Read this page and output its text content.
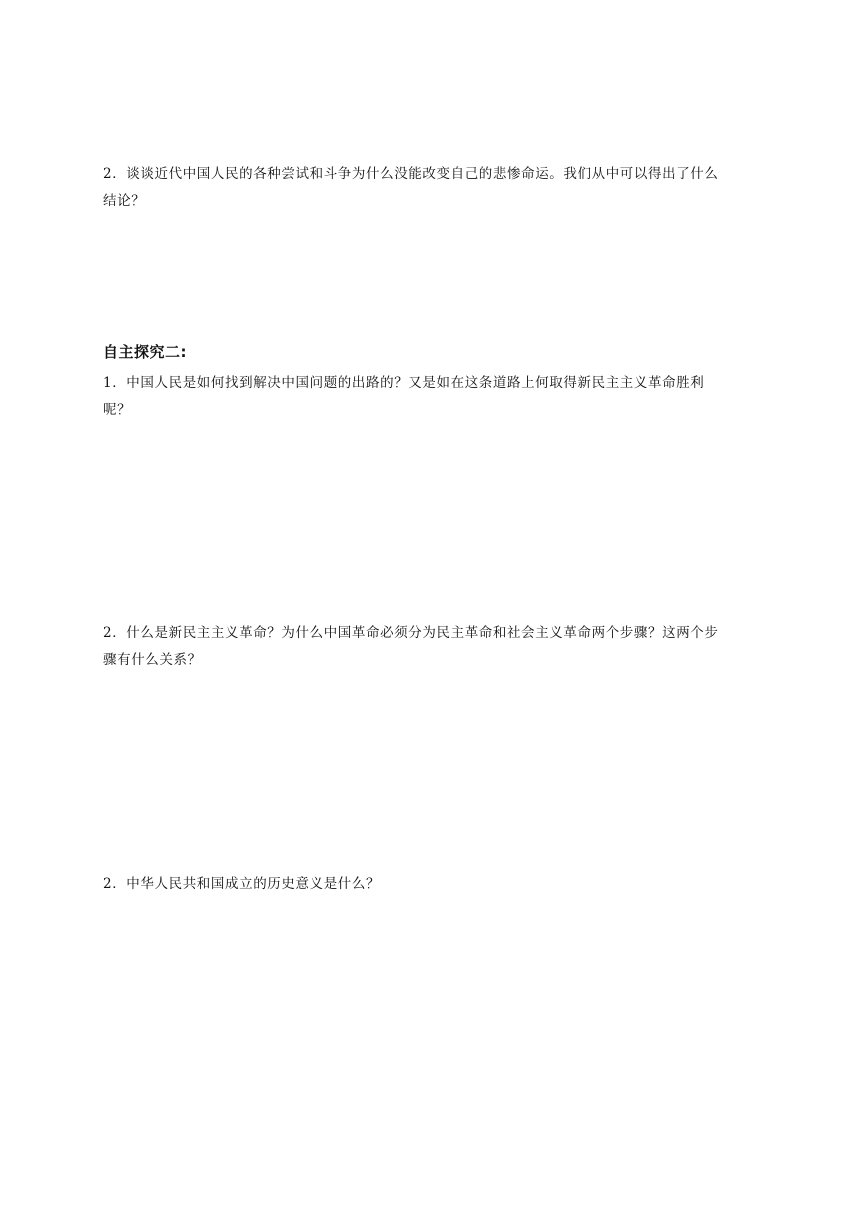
2．谈谈近代中国人民的各种尝试和斗争为什么没能改变自己的悲惨命运。我们从中可以得出了什么
结论？
自主探究二:
1．中国人民是如何找到解决中国问题的出路的？又是如在这条道路上何取得新民主主义革命胜利
呢？
2．什么是新民主主义革命？为什么中国革命必须分为民主革命和社会主义革命两个步骤？这两个步
骤有什么关系？
2．中华人民共和国成立的历史意义是什么？
